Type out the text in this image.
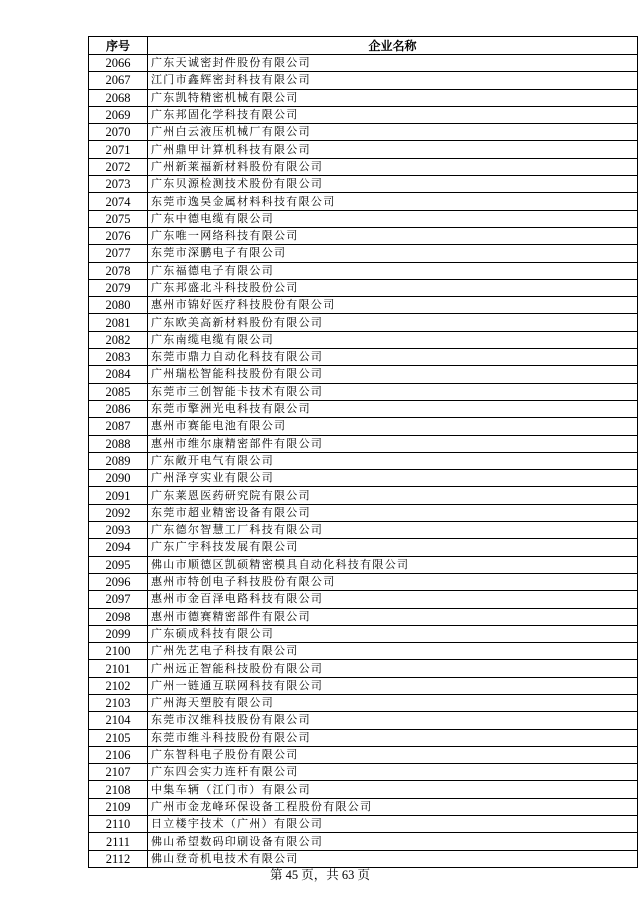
序号	企业名称
2066	广东天诚密封件股份有限公司
2067	江门市鑫辉密封科技有限公司
2068	广东凯特精密机械有限公司
2069	广东邦固化学科技有限公司
2070	广州白云液压机械厂有限公司
2071	广州鼎甲计算机科技有限公司
2072	广州新莱福新材料股份有限公司
2073	广东贝源检测技术股份有限公司
2074	东莞市逸昊金属材料科技有限公司
2075	广东中德电缆有限公司
2076	广东唯一网络科技有限公司
2077	东莞市深鹏电子有限公司
2078	广东福德电子有限公司
2079	广东邦盛北斗科技股份公司
2080	惠州市锦好医疗科技股份有限公司
2081	广东欧美高新材料股份有限公司
2082	广东南缆电缆有限公司
2083	东莞市鼎力自动化科技有限公司
2084	广州瑞松智能科技股份有限公司
2085	东莞市三创智能卡技术有限公司
2086	东莞市擎洲光电科技有限公司
2087	惠州市赛能电池有限公司
2088	惠州市维尔康精密部件有限公司
2089	广东敞开电气有限公司
2090	广州泽亨实业有限公司
2091	广东莱恩医药研究院有限公司
2092	东莞市超业精密设备有限公司
2093	广东德尔智慧工厂科技有限公司
2094	广东广宇科技发展有限公司
2095	佛山市顺德区凯硕精密模具自动化科技有限公司
2096	惠州市特创电子科技股份有限公司
2097	惠州市金百泽电路科技有限公司
2098	惠州市德赛精密部件有限公司
2099	广东硕成科技有限公司
2100	广州先艺电子科技有限公司
2101	广州远正智能科技股份有限公司
2102	广州一链通互联网科技有限公司
2103	广州海天塑胶有限公司
2104	东莞市汉维科技股份有限公司
2105	东莞市维斗科技股份有限公司
2106	广东智科电子股份有限公司
2107	广东四会实力连杆有限公司
2108	中集车辆（江门市）有限公司
2109	广州市金龙峰环保设备工程股份有限公司
2110	日立楼宇技术（广州）有限公司
2111	佛山希望数码印刷设备有限公司
2112	佛山登奇机电技术有限公司
第 45 页，共 63 页
